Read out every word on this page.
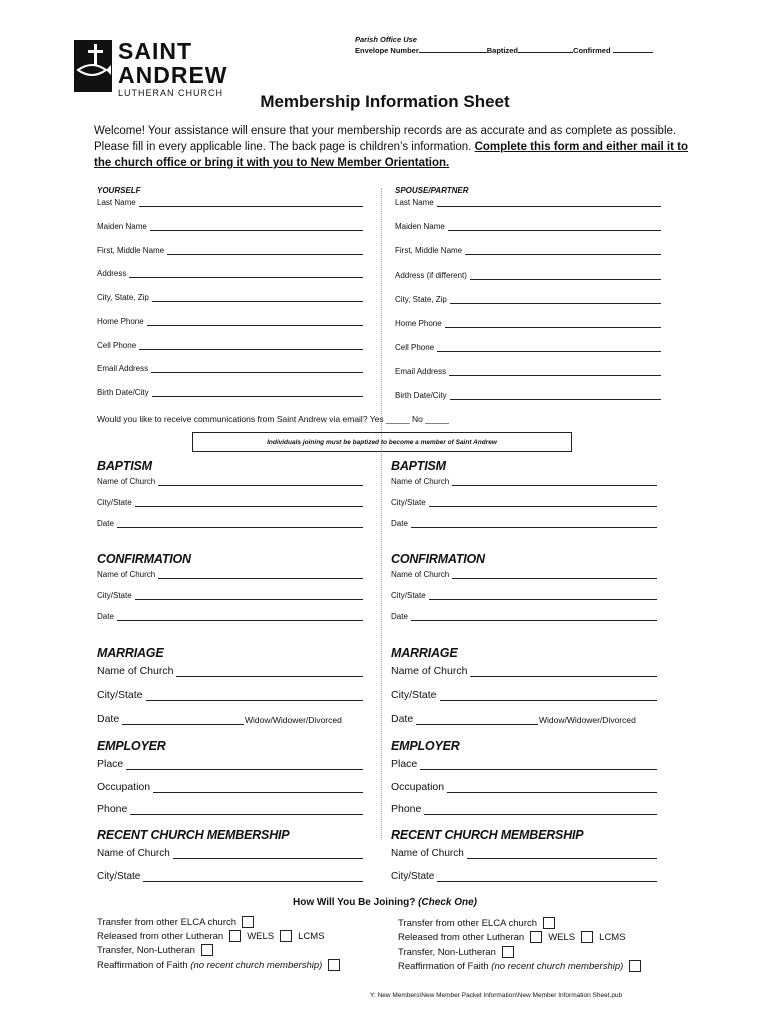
SAINT
ANDREW
LUTHERAN CHURCH
Parish Office Use
Envelope Number	Baptized	Confirmed
Membership Information Sheet
Welcome! Your assistance will ensure that your membership records are as accurate and as complete as possible. Please fill in every applicable line. The back page is children’s information. Complete this form and either mail it to the church office or bring it with you to New Member Orientation.
YOURSELF	SPOUSE/PARTNER
Would you like to receive communications from Saint Andrew via email? Yes _____ No _____
Individuals joining must be baptized to become a member of Saint Andrew
How Will You Be Joining? (Check One)
Y: New Members\New Member Packet Information\New Member Information Sheet.pub
Last Name
Maiden Name
First, Middle Name
Address
City, State, Zip
Home Phone
Cell Phone
Email Address
Birth Date/City
Last Name
Maiden Name
First, Middle Name
Address (if different)
City, State, Zip
Home Phone
Cell Phone
Email Address
Birth Date/City
BAPTISM
Name of Church
City/State
Date
BAPTISM
Name of Church
City/State
Date
CONFIRMATION
Name of Church
City/State
Date
CONFIRMATION
Name of Church
City/State
Date
MARRIAGE
Name of Church
City/State
Date	Widow/Widower/Divorced
MARRIAGE
Name of Church
City/State
Date	Widow/Widower/Divorced
EMPLOYER
Place
Occupation
Phone
EMPLOYER
Place
Occupation
Phone
RECENT CHURCH MEMBERSHIP
Name of Church
City/State
RECENT CHURCH MEMBERSHIP
Name of Church
City/State
Transfer from other ELCA church
Released from other Lutheran	WELS	LCMS
Transfer, Non-Lutheran
Reaffirmation of Faith
(no recent church membership)
Transfer from other ELCA church
Released from other Lutheran	WELS	LCMS
Transfer, Non-Lutheran
Reaffirmation of Faith
(no recent church membership)
